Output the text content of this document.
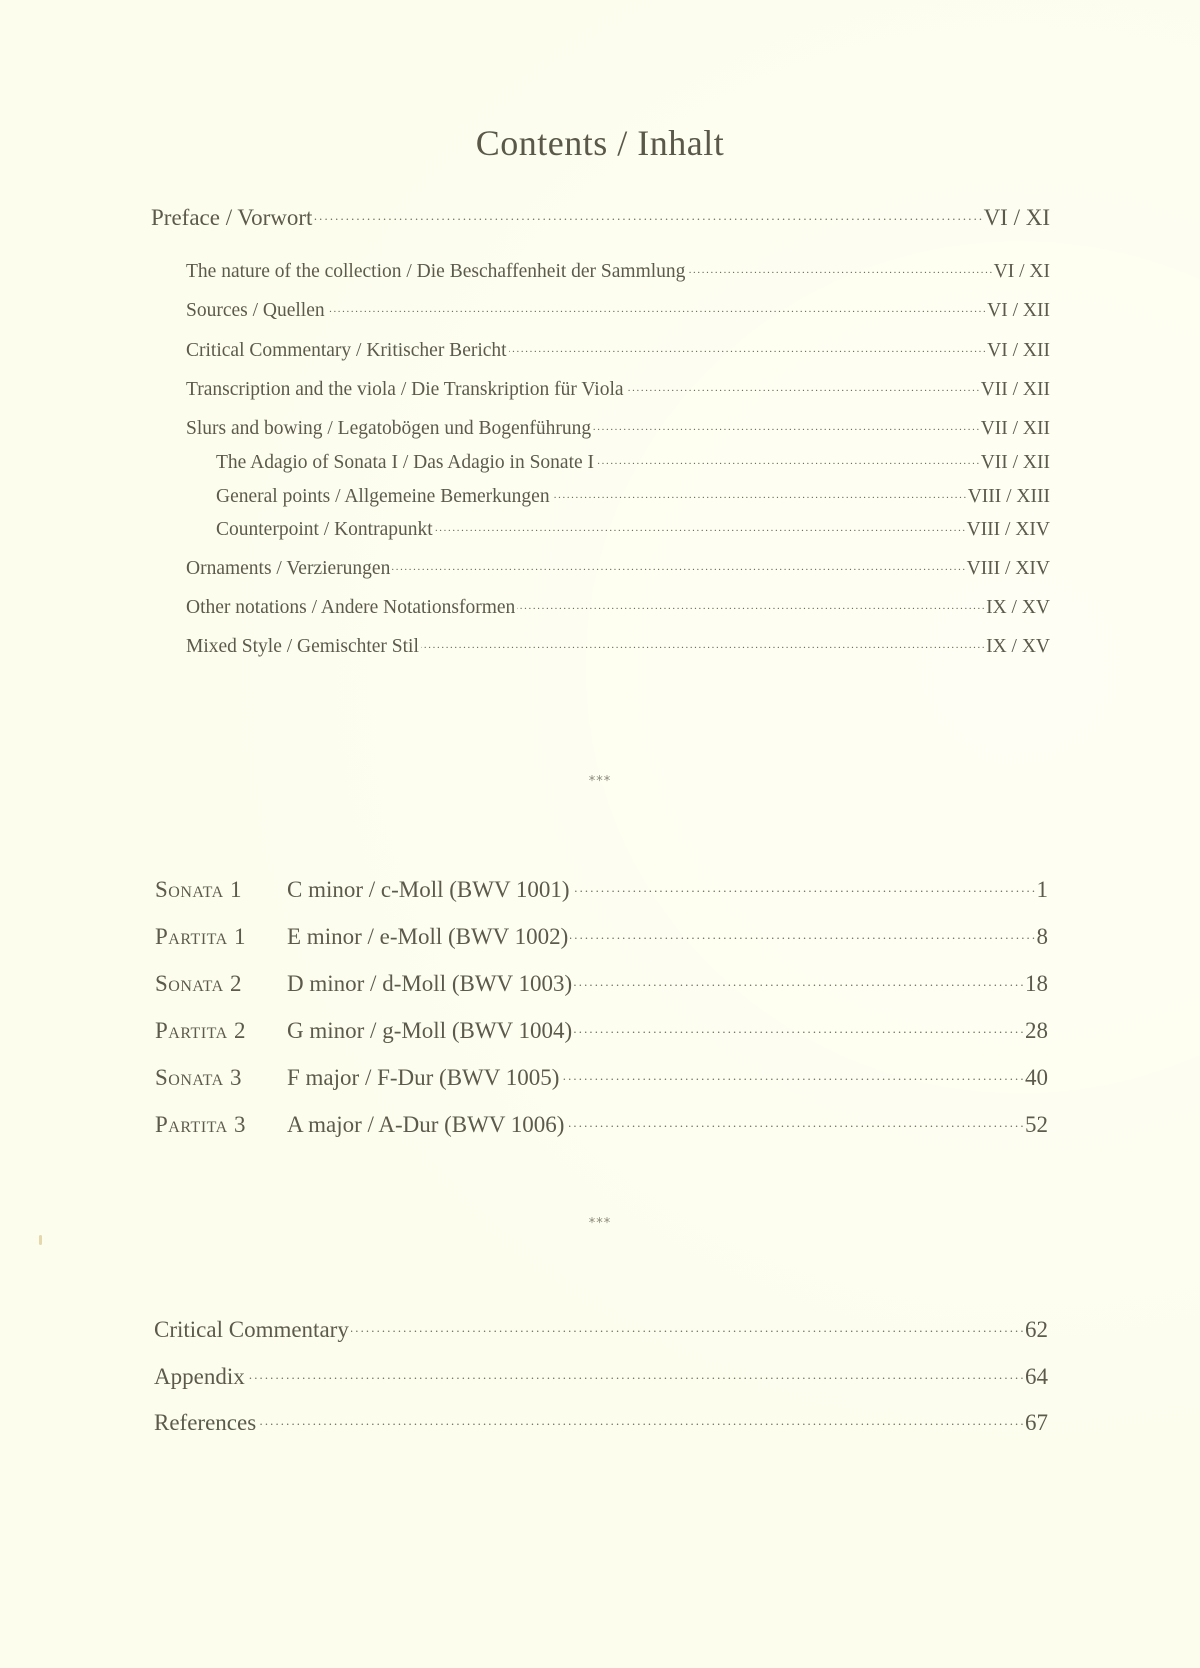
Contents / Inhalt
Preface / Vorwort . . .	VI / XI
The nature of the collection / Die Beschaffenheit der Sammlung . . .	VI / XI
Sources / Quellen . . .	VI / XII
Critical Commentary / Kritischer Bericht . . .	VI / XII
Transcription and the viola / Die Transkription für Viola . . .	VII / XII
Slurs and bowing / Legatobögen und Bogenführung . . .	VII / XII
The Adagio of Sonata I / Das Adagio in Sonate I . . .	VII / XII
General points / Allgemeine Bemerkungen . . .	VIII / XIII
Counterpoint / Kontrapunkt . . .	VIII / XIV
Ornaments / Verzierungen . . .	VIII / XIV
Other notations / Andere Notationsformen . . .	IX / XV
Mixed Style / Gemischter Stil . . .	IX / XV
***
Sonata 1 C minor / c-Moll (BWV 1001) . . .	1
Partita 1 E minor / e-Moll (BWV 1002) . . .	8
Sonata 2 D minor / d-Moll (BWV 1003) . . .	18
Partita 2 G minor / g-Moll (BWV 1004) . . .	28
Sonata 3 F major / F-Dur (BWV 1005) . . .	40
Partita 3 A major / A-Dur (BWV 1006) . . .	52
***
Critical Commentary . . .	62
Appendix . . .	64
References . . .	67
